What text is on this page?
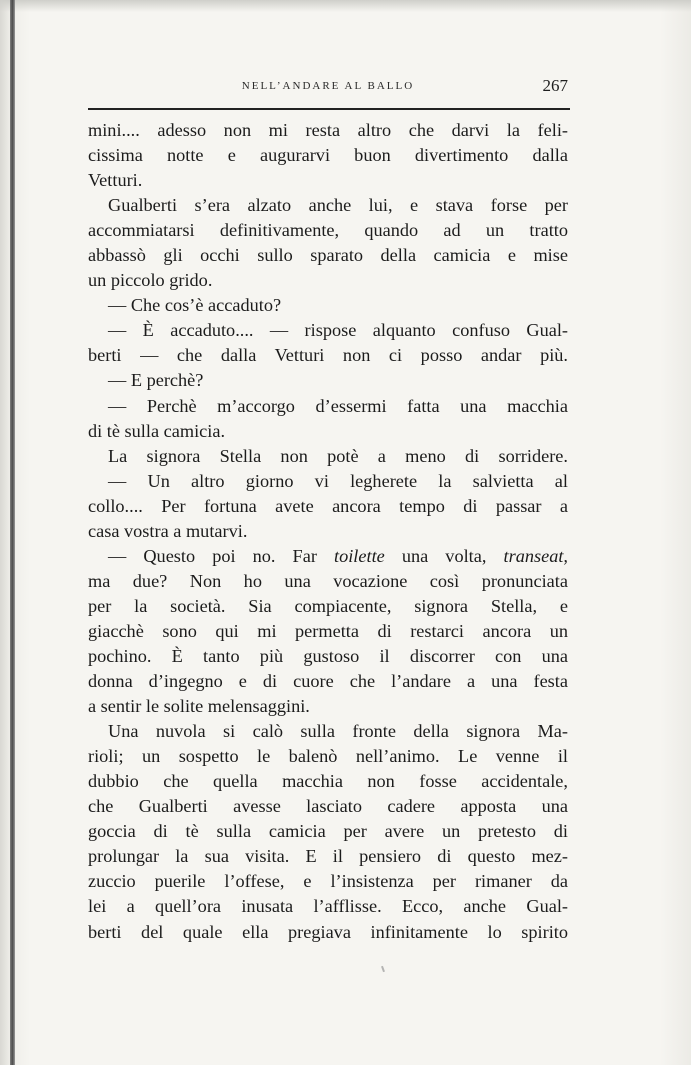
NELL’ANDARE AL BALLO	267
mini.... adesso non mi resta altro che darvi la feli-
cissima notte e augurarvi buon divertimento dalla
Vetturi.
Gualberti s’era alzato anche lui, e stava forse per
accommiatarsi definitivamente, quando ad un tratto
abbassò gli occhi sullo sparato della camicia e mise
un piccolo grido.
— Che cos’è accaduto?
— È accaduto.... — rispose alquanto confuso Gual-
berti — che dalla Vetturi non ci posso andar più.
— E perchè?
— Perchè m’accorgo d’essermi fatta una macchia
di tè sulla camicia.
La signora Stella non potè a meno di sorridere.
— Un altro giorno vi legherete la salvietta al
collo.... Per fortuna avete ancora tempo di passar a
casa vostra a mutarvi.
— Questo poi no. Far toilette una volta, transeat,
ma due? Non ho una vocazione così pronunciata
per la società. Sia compiacente, signora Stella, e
giacchè sono qui mi permetta di restarci ancora un
pochino. È tanto più gustoso il discorrer con una
donna d’ingegno e di cuore che l’andare a una festa
a sentir le solite melensaggini.
Una nuvola si calò sulla fronte della signora Ma-
rioli; un sospetto le balenò nell’animo. Le venne il
dubbio che quella macchia non fosse accidentale,
che Gualberti avesse lasciato cadere apposta una
goccia di tè sulla camicia per avere un pretesto di
prolungar la sua visita. E il pensiero di questo mez-
zuccio puerile l’offese, e l’insistenza per rimaner da
lei a quell’ora inusata l’afflisse. Ecco, anche Gual-
berti del quale ella pregiava infinitamente lo spirito
